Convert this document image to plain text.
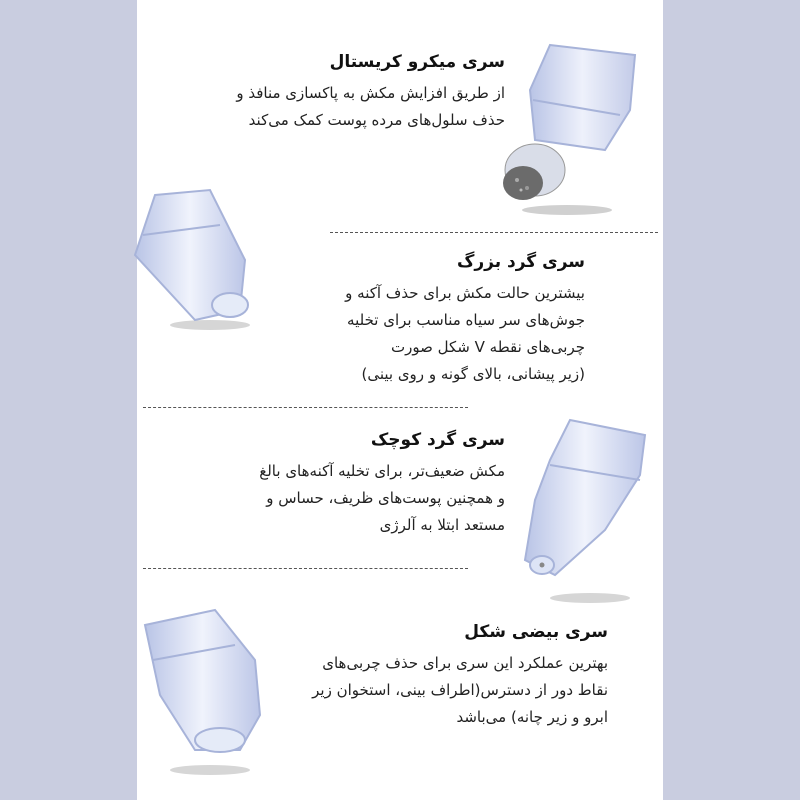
سری میکرو کریستال
از طریق افزایش مکش به پاکسازی منافذ و
حذف سلول‌های مرده پوست کمک می‌کند
سری گرد بزرگ
بیشترین حالت مکش برای حذف آکنه و
جوش‌های سر سیاه مناسب برای تخلیه
چربی‌های نقطه V شکل صورت
(زیر پیشانی، بالای گونه و روی بینی)
سری گرد کوچک
مکش ضعیف‌تر، برای تخلیه آکنه‌های بالغ
و همچنین پوست‌های ظریف، حساس و
مستعد ابتلا به آلرژی
سری بیضی شکل
بهترین عملکرد این سری برای حذف چربی‌های
نقاط دور از دسترس(اطراف بینی، استخوان زیر
ابرو و زیر چانه) می‌باشد
